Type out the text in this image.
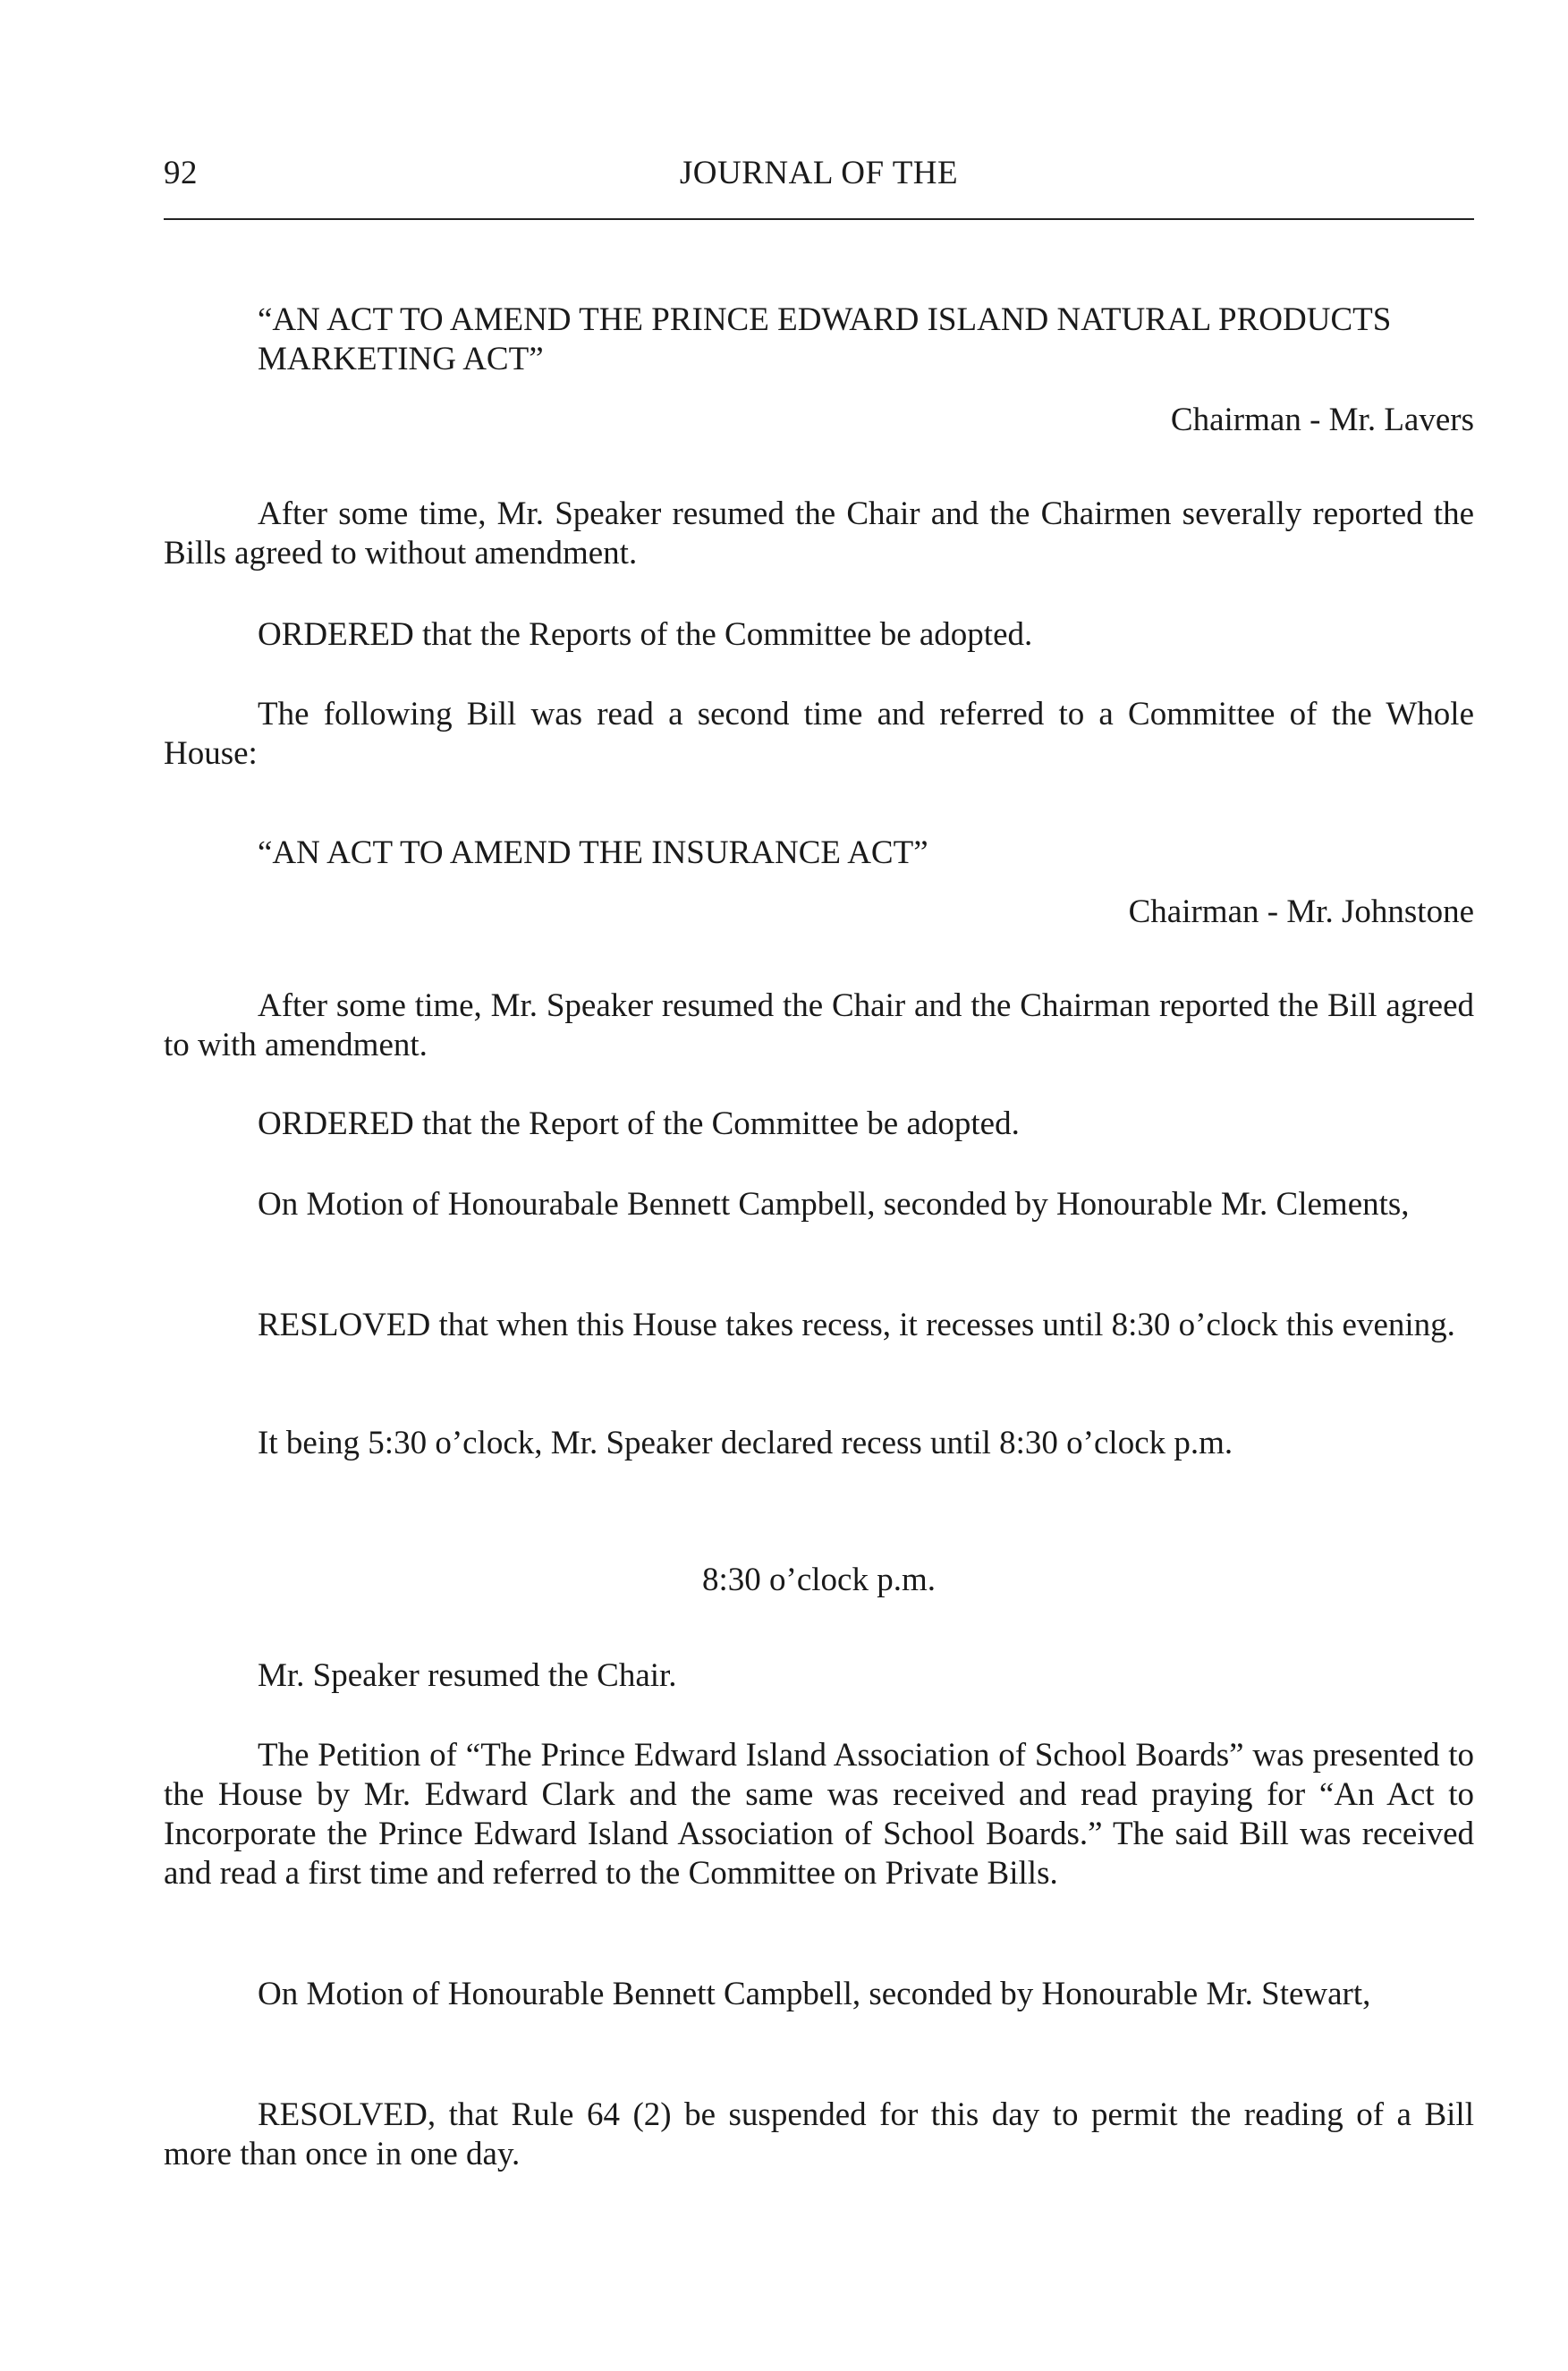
92	JOURNAL OF THE

“AN ACT TO AMEND THE PRINCE EDWARD ISLAND NATURAL PRODUCTS MARKETING ACT”

Chairman - Mr. Lavers

After some time, Mr. Speaker resumed the Chair and the Chairmen severally reported the Bills agreed to without amendment.

ORDERED that the Reports of the Committee be adopted.

The following Bill was read a second time and referred to a Committee of the Whole House:

“AN ACT TO AMEND THE INSURANCE ACT”

Chairman - Mr. Johnstone

After some time, Mr. Speaker resumed the Chair and the Chairman reported the Bill agreed to with amendment.

ORDERED that the Report of the Committee be adopted.

On Motion of Honourabale Bennett Campbell, seconded by Honourable Mr. Clements,

RESLOVED that when this House takes recess, it recesses until 8:30 o’clock this evening.

It being 5:30 o’clock, Mr. Speaker declared recess until 8:30 o’clock p.m.

8:30 o’clock p.m.

Mr. Speaker resumed the Chair.

The Petition of “The Prince Edward Island Association of School Boards” was presented to the House by Mr. Edward Clark and the same was received and read praying for “An Act to Incorporate the Prince Edward Island Association of School Boards.” The said Bill was received and read a first time and referred to the Committee on Private Bills.

On Motion of Honourable Bennett Campbell, seconded by Honourable Mr. Stewart,

RESOLVED, that Rule 64 (2) be suspended for this day to permit the reading of a Bill more than once in one day.
